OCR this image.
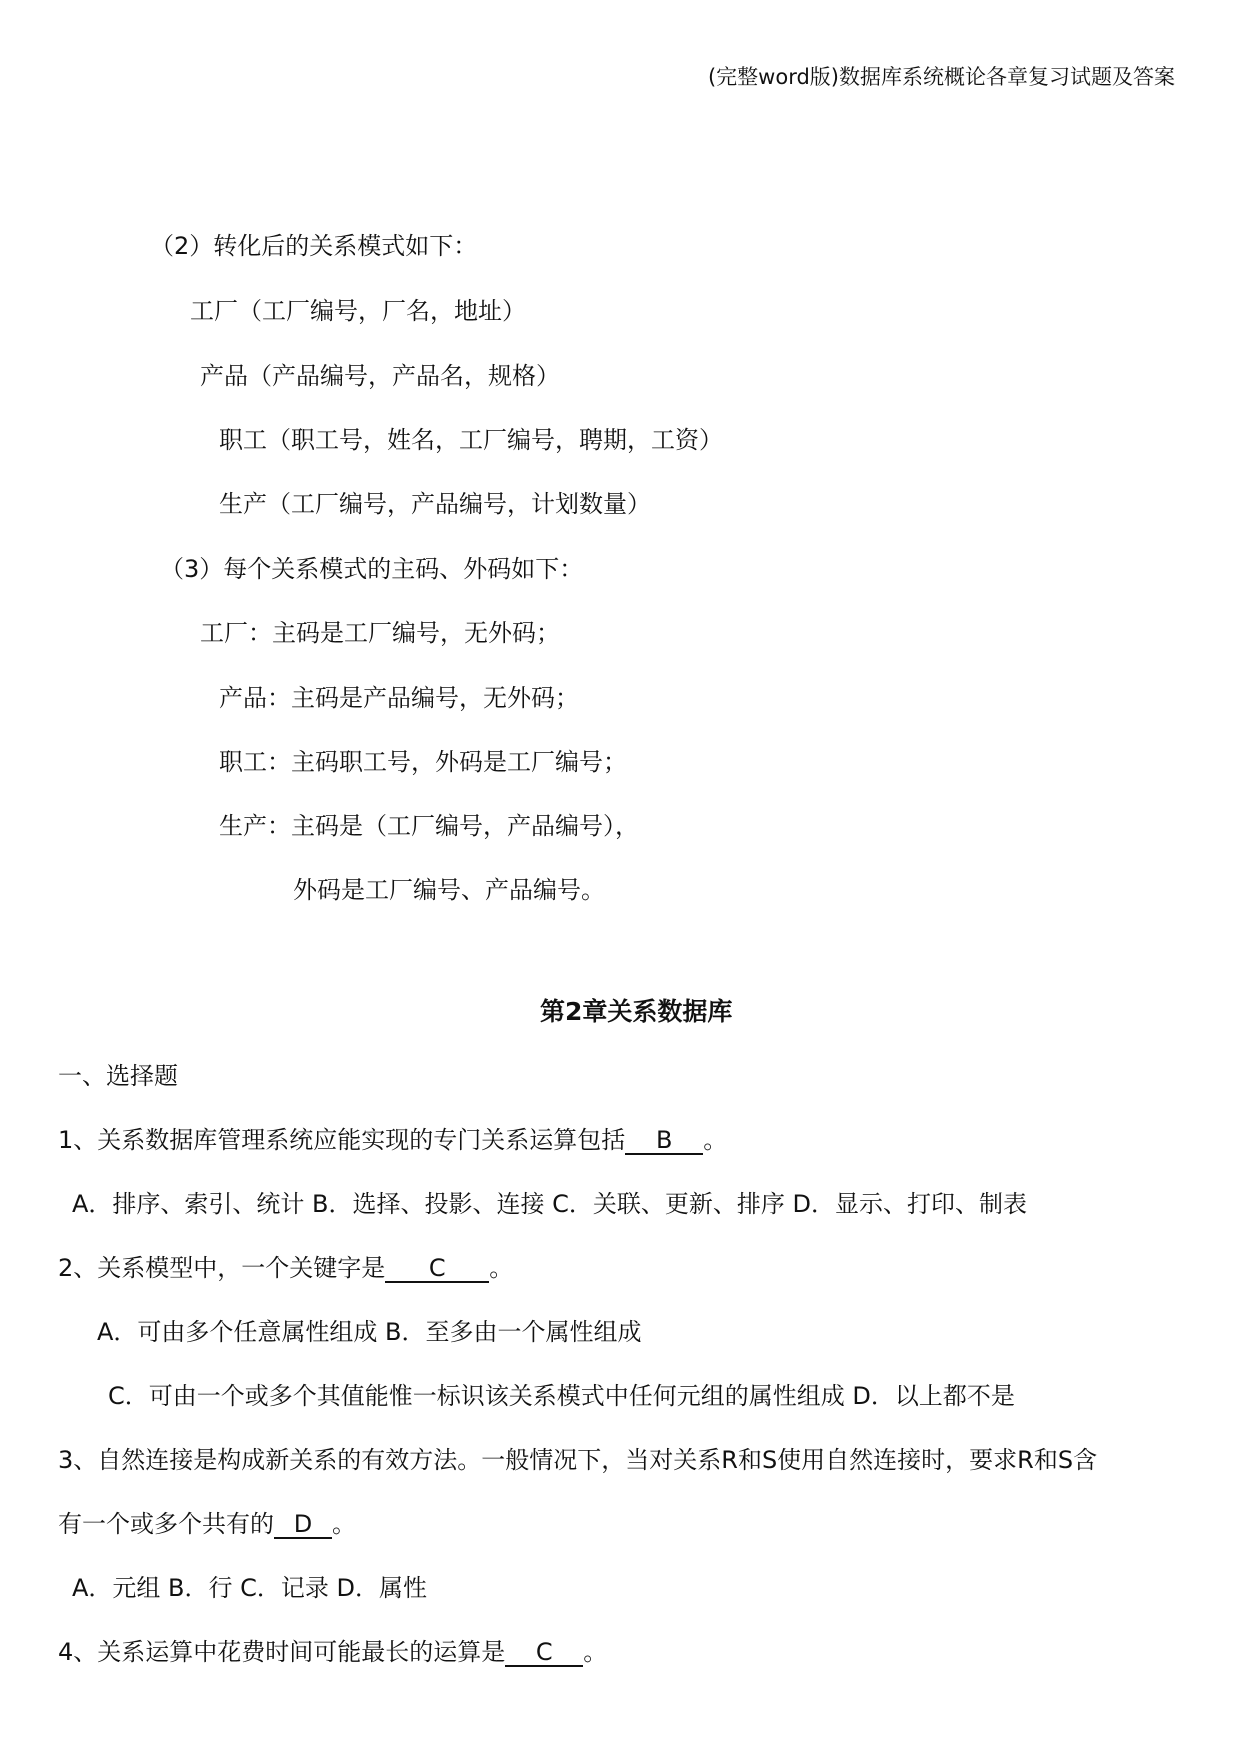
(完整word版)数据库系统概论各章复习试题及答案
（2）转化后的关系模式如下：
工厂（工厂编号，厂名，地址）
产品（产品编号，产品名，规格）
职工（职工号，姓名，工厂编号，聘期，工资）
生产（工厂编号，产品编号，计划数量）
（3）每个关系模式的主码、外码如下：
工厂：主码是工厂编号，无外码；
产品：主码是产品编号，无外码；
职工：主码职工号，外码是工厂编号；
生产：主码是（工厂编号，产品编号），
外码是工厂编号、产品编号。
第2章关系数据库
一、选择题
1、关系数据库管理系统应能实现的专门关系运算包括 B 。
A．排序、索引、统计 B．选择、投影、连接 C．关联、更新、排序 D．显示、打印、制表
2、关系模型中，一个关键字是 C 。
A．可由多个任意属性组成 B．至多由一个属性组成
C．可由一个或多个其值能惟一标识该关系模式中任何元组的属性组成 D．以上都不是
3、自然连接是构成新关系的有效方法。一般情况下，当对关系R和S使用自然连接时，要求R和S含
有一个或多个共有的 D 。
A．元组 B．行 C．记录 D．属性
4、关系运算中花费时间可能最长的运算是 C 。
